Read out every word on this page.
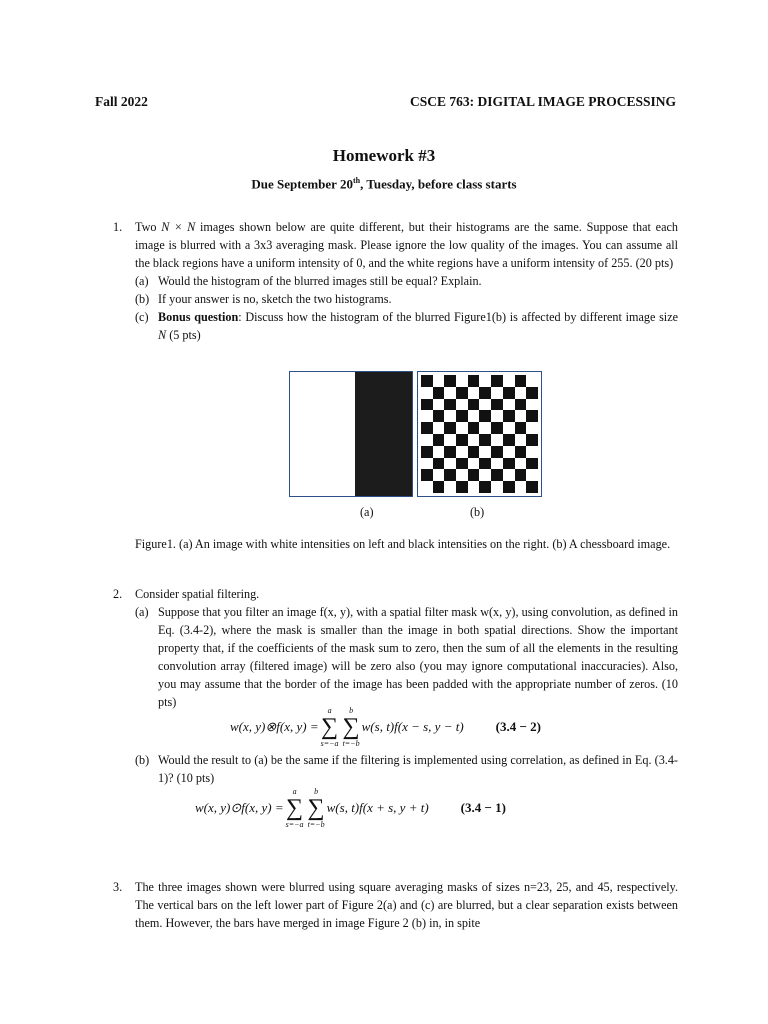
Fall 2022	CSCE 763: DIGITAL IMAGE PROCESSING
Homework #3
Due September 20th, Tuesday, before class starts
1. Two N × N images shown below are quite different, but their histograms are the same. Suppose that each image is blurred with a 3x3 averaging mask. Please ignore the low quality of the images. You can assume all the black regions have a uniform intensity of 0, and the white regions have a uniform intensity of 255. (20 pts)
(a) Would the histogram of the blurred images still be equal? Explain.
(b) If your answer is no, sketch the two histograms.
(c) Bonus question: Discuss how the histogram of the blurred Figure1(b) is affected by different image size N (5 pts)
(a)	(b)
Figure1. (a) An image with white intensities on left and black intensities on the right. (b) A chessboard image.
2. Consider spatial filtering.
(a) Suppose that you filter an image f(x, y), with a spatial filter mask w(x, y), using convolution, as defined in Eq. (3.4-2), where the mask is smaller than the image in both spatial directions. Show the important property that, if the coefficients of the mask sum to zero, then the sum of all the elements in the resulting convolution array (filtered image) will be zero also (you may ignore computational inaccuracies). Also, you may assume that the border of the image has been padded with the appropriate number of zeros. (10 pts)
w(x, y)⊗f(x, y) =
a
∑
s=−a
b
∑
t=−b
w(s, t)f(x − s, y − t) (3.4 − 2)
(b) Would the result to (a) be the same if the filtering is implemented using correlation, as defined in Eq. (3.4-1)? (10 pts)
w(x, y)⊙f(x, y) =
a
∑
s=−a
b
∑
t=−b
w(s, t)f(x + s, y + t) (3.4 − 1)
3. The three images shown were blurred using square averaging masks of sizes n=23, 25, and 45, respectively. The vertical bars on the left lower part of Figure 2(a) and (c) are blurred, but a clear separation exists between them. However, the bars have merged in image Figure 2 (b) in, in spite
